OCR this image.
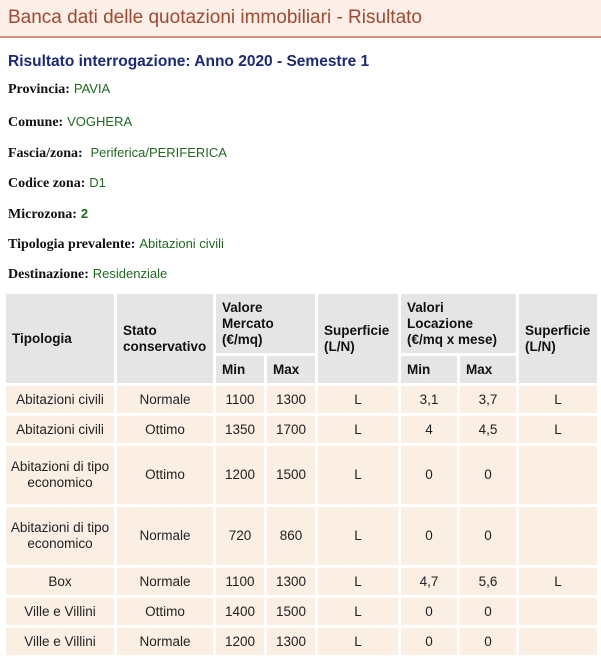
Banca dati delle quotazioni immobiliari - Risultato
Risultato interrogazione: Anno 2020 - Semestre 1
Provincia: PAVIA
Comune: VOGHERA
Fascia/zona: Periferica/PERIFERICA
Codice zona: D1
Microzona: 2
Tipologia prevalente: Abitazioni civili
Destinazione: Residenziale
Tipologia	Stato conservativo	Valore Mercato (€/mq)		Superficie (L/N)	Valori Locazione (€/mq x mese)		Superficie (L/N)
		Min	Max		Min	Max	
Abitazioni civili	Normale	1100	1300	L	3,1	3,7	L
Abitazioni civili	Ottimo	1350	1700	L	4	4,5	L
Abitazioni di tipo economico	Ottimo	1200	1500	L	0	0	
Abitazioni di tipo economico	Normale	720	860	L	0	0	
Box	Normale	1100	1300	L	4,7	5,6	L
Ville e Villini	Ottimo	1400	1500	L	0	0	
Ville e Villini	Normale	1200	1300	L	0	0	
